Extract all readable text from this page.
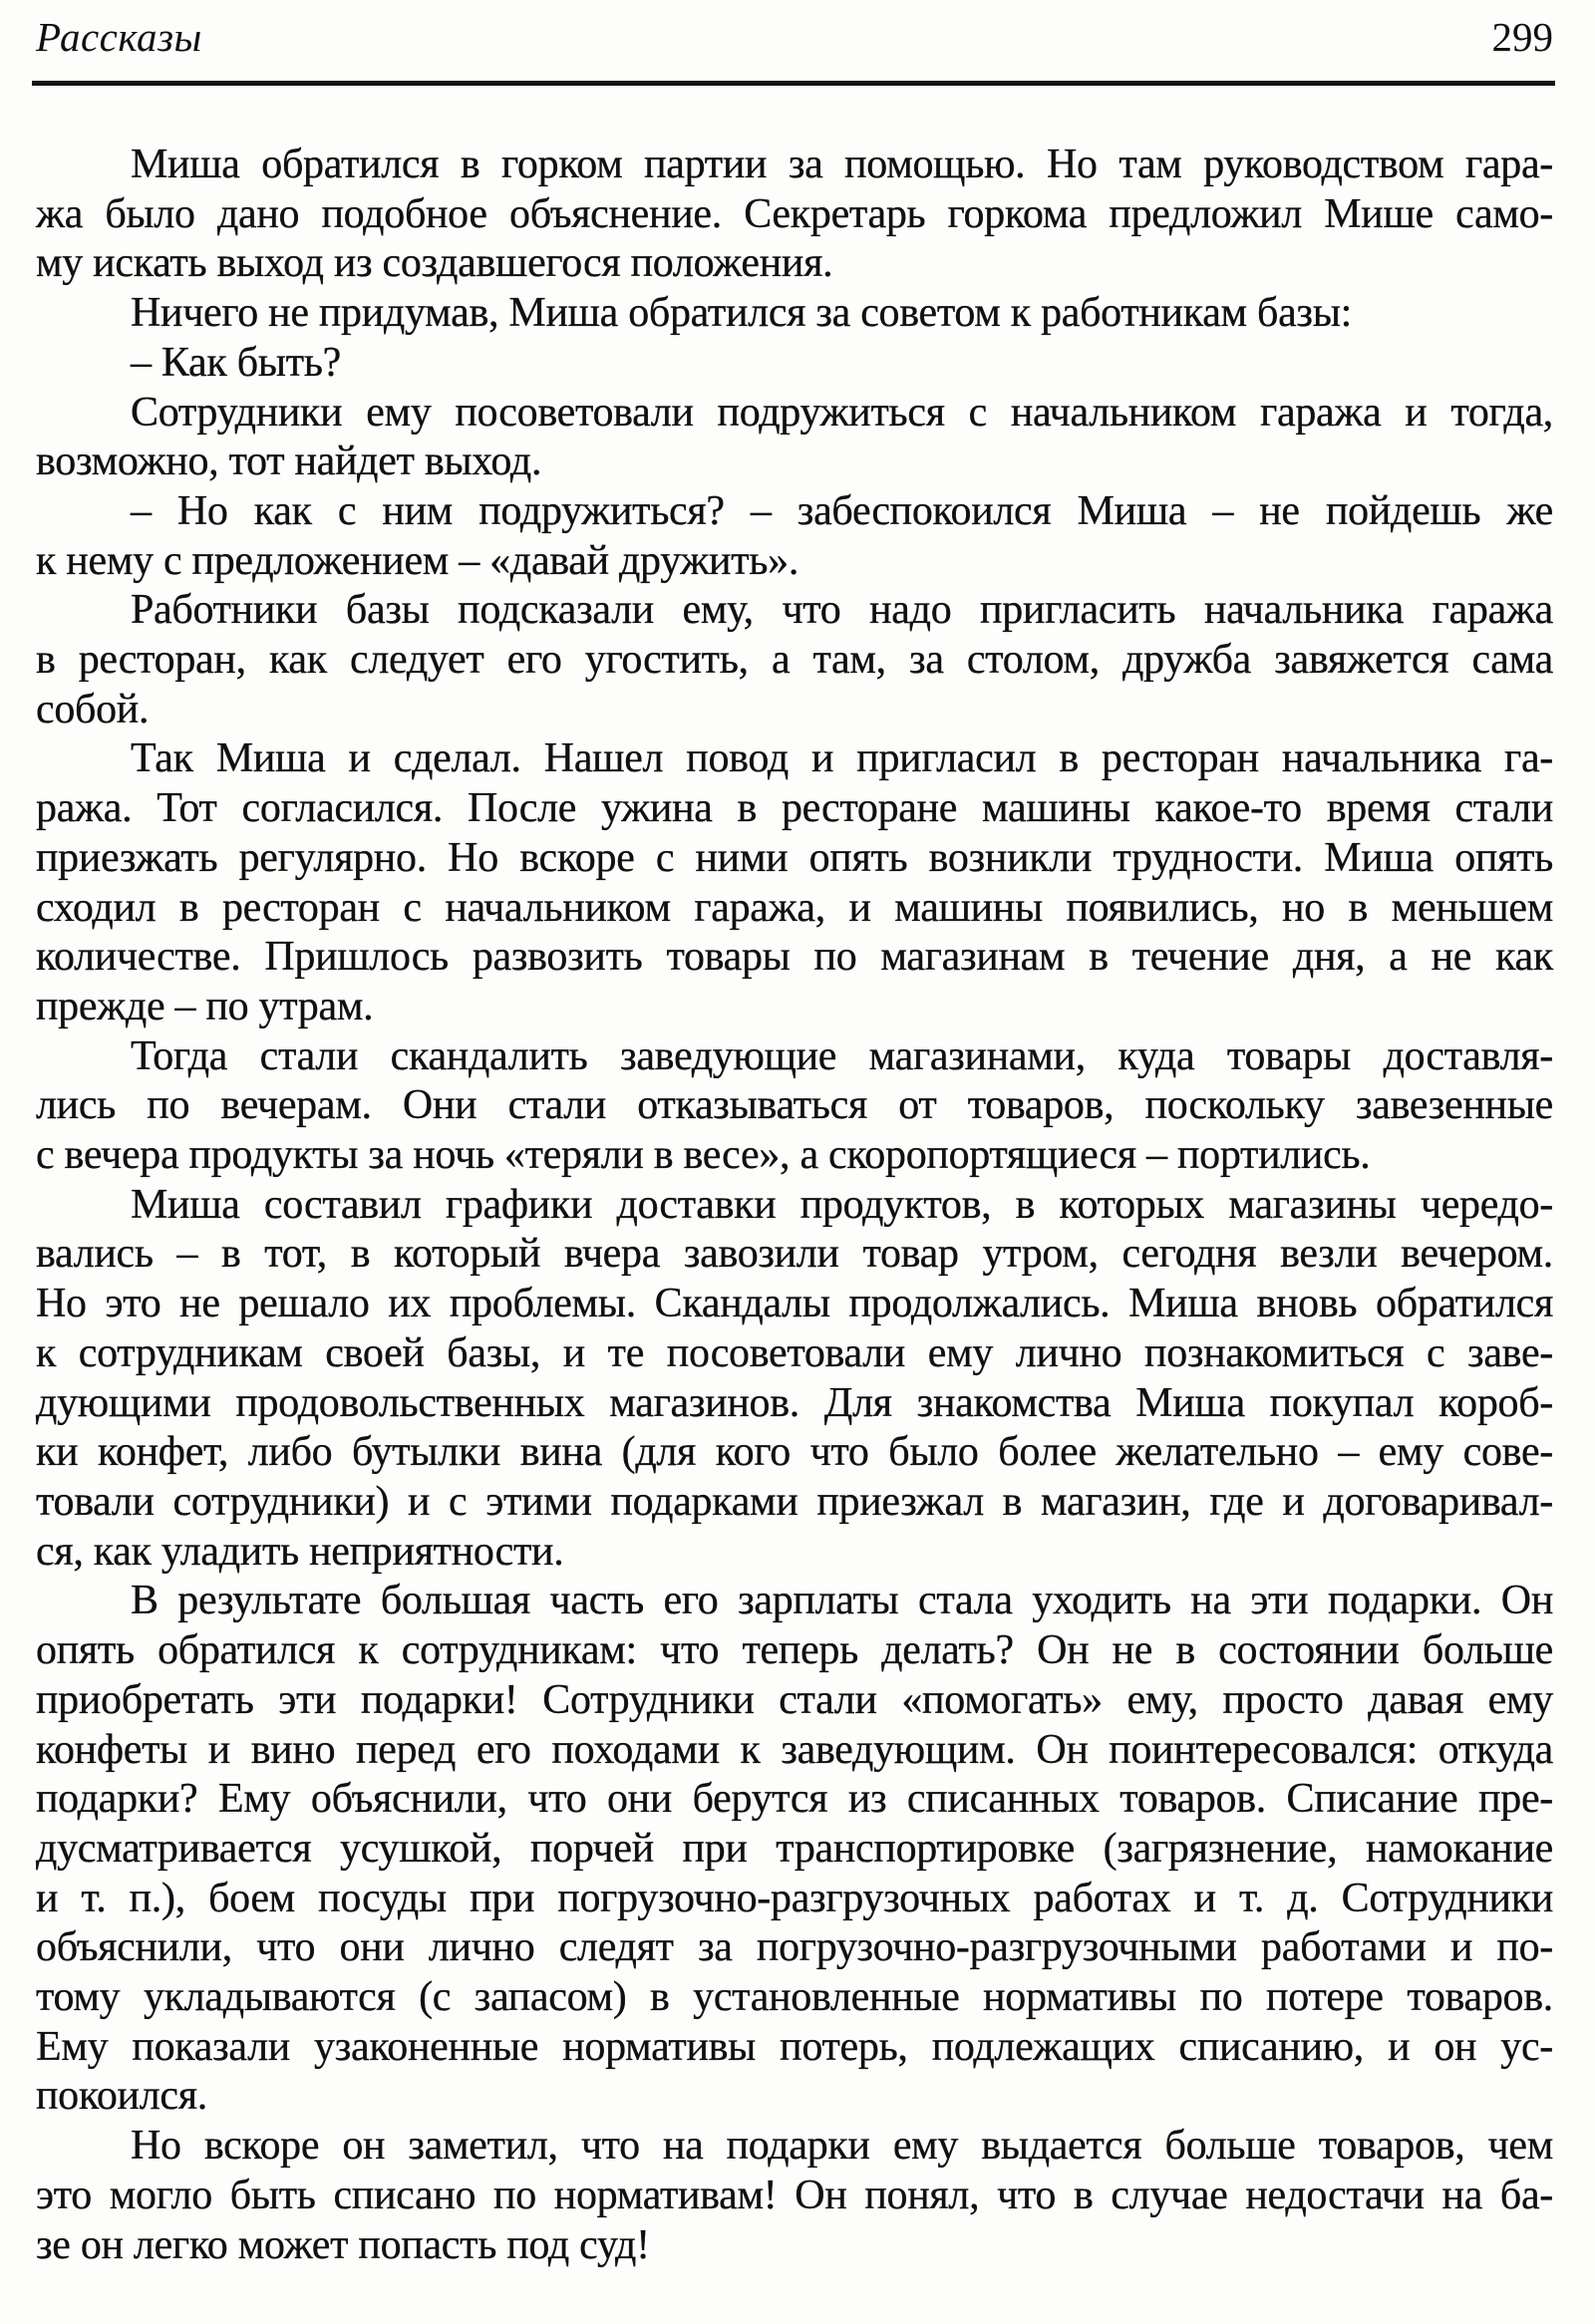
Рассказы	299

Миша обратился в горком партии за помощью. Но там руководством гара-
жа было дано подобное объяснение. Секретарь горкома предложил Мише само-
му искать выход из создавшегося положения.

Ничего не придумав, Миша обратился за советом к работникам базы:

– Как быть?

Сотрудники ему посоветовали подружиться с начальником гаража и тогда,
возможно, тот найдет выход.

– Но как с ним подружиться? – забеспокоился Миша – не пойдешь же
к нему с предложением – «давай дружить».

Работники базы подсказали ему, что надо пригласить начальника гаража
в ресторан, как следует его угостить, а там, за столом, дружба завяжется сама
собой.

Так Миша и сделал. Нашел повод и пригласил в ресторан начальника га-
ража. Тот согласился. После ужина в ресторане машины какое-то время стали
приезжать регулярно. Но вскоре с ними опять возникли трудности. Миша опять
сходил в ресторан с начальником гаража, и машины появились, но в меньшем
количестве. Пришлось развозить товары по магазинам в течение дня, а не как
прежде – по утрам.

Тогда стали скандалить заведующие магазинами, куда товары доставля-
лись по вечерам. Они стали отказываться от товаров, поскольку завезенные
с вечера продукты за ночь «теряли в весе», а скоропортящиеся – портились.

Миша составил графики доставки продуктов, в которых магазины чередо-
вались – в тот, в который вчера завозили товар утром, сегодня везли вечером.
Но это не решало их проблемы. Скандалы продолжались. Миша вновь обратился
к сотрудникам своей базы, и те посоветовали ему лично познакомиться с заве-
дующими продовольственных магазинов. Для знакомства Миша покупал короб-
ки конфет, либо бутылки вина (для кого что было более желательно – ему сове-
товали сотрудники) и с этими подарками приезжал в магазин, где и договаривал-
ся, как уладить неприятности.

В результате большая часть его зарплаты стала уходить на эти подарки. Он
опять обратился к сотрудникам: что теперь делать? Он не в состоянии больше
приобретать эти подарки! Сотрудники стали «помогать» ему, просто давая ему
конфеты и вино перед его походами к заведующим. Он поинтересовался: откуда
подарки? Ему объяснили, что они берутся из списанных товаров. Списание пре-
дусматривается усушкой, порчей при транспортировке (загрязнение, намокание
и т. п.), боем посуды при погрузочно-разгрузочных работах и т. д. Сотрудники
объяснили, что они лично следят за погрузочно-разгрузочными работами и по-
тому укладываются (с запасом) в установленные нормативы по потере товаров.
Ему показали узаконенные нормативы потерь, подлежащих списанию, и он ус-
покоился.

Но вскоре он заметил, что на подарки ему выдается больше товаров, чем
это могло быть списано по нормативам! Он понял, что в случае недостачи на ба-
зе он легко может попасть под суд!
